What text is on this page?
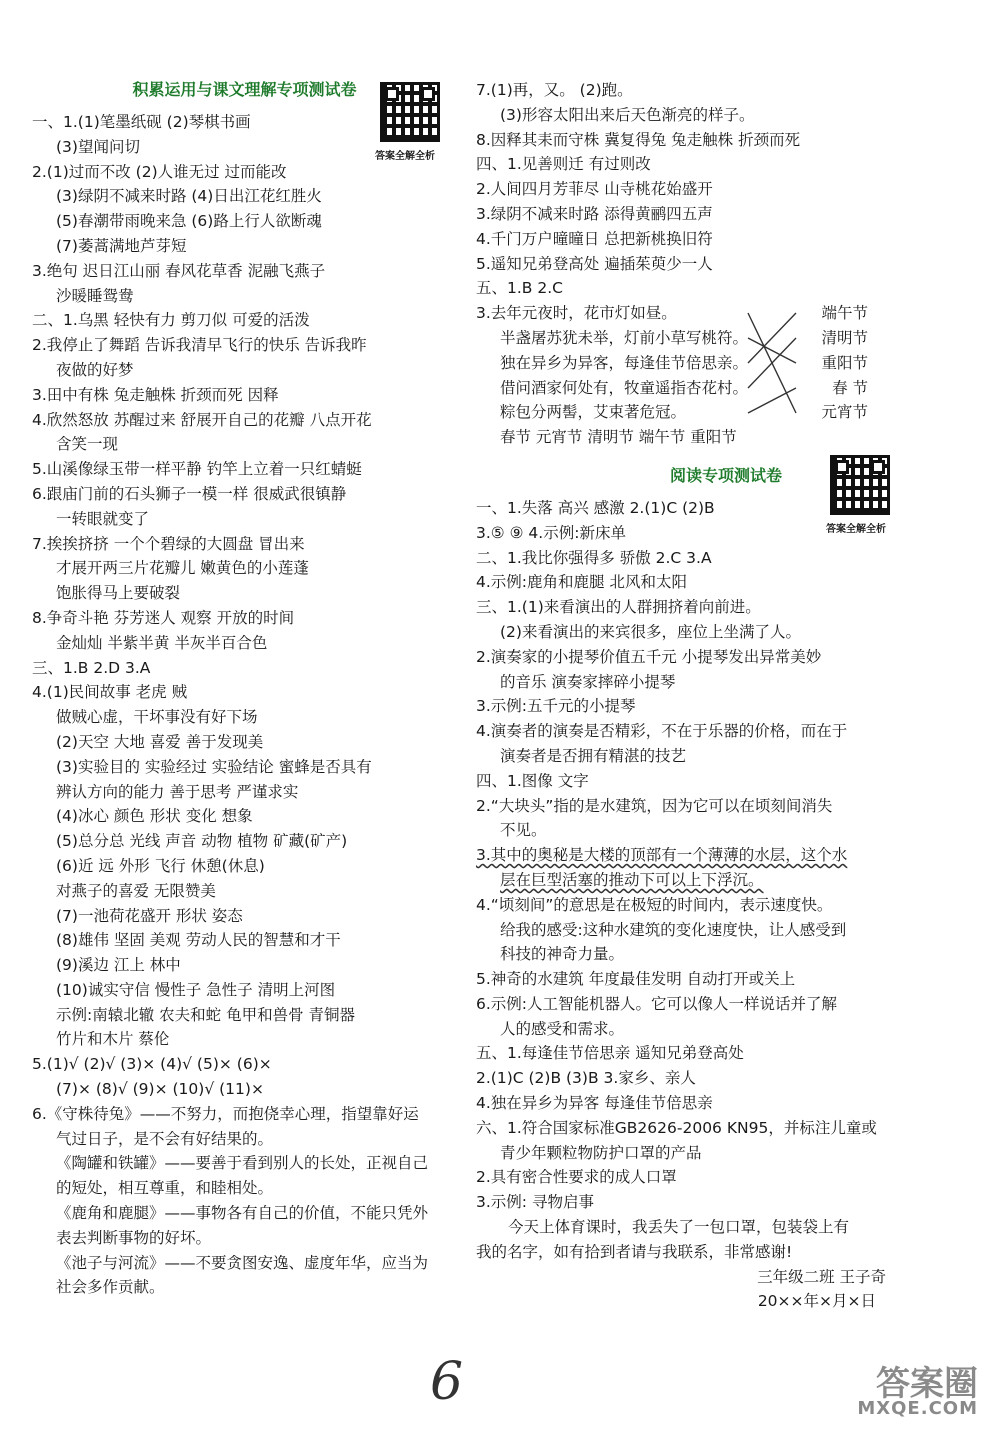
积累运用与课文理解专项测试卷
一、1.(1)笔墨纸砚 (2)琴棋书画
(3)望闻问切
2.(1)过而不改 (2)人谁无过 过而能改
(3)绿阴不减来时路 (4)日出江花红胜火
(5)春潮带雨晚来急 (6)路上行人欲断魂
(7)萎蒿满地芦芽短
3.绝句 迟日江山丽 春风花草香 泥融飞燕子
沙暖睡鸳鸯
二、1.乌黑 轻快有力 剪刀似 可爱的活泼
2.我停止了舞蹈 告诉我清早飞行的快乐 告诉我昨
夜做的好梦
3.田中有株 兔走触株 折颈而死 因释
4.欣然怒放 苏醒过来 舒展开自己的花瓣 八点开花
含笑一现
5.山溪像绿玉带一样平静 钓竿上立着一只红蜻蜓
6.跟庙门前的石头狮子一模一样 很威武很镇静
一转眼就变了
7.挨挨挤挤 一个个碧绿的大圆盘 冒出来
才展开两三片花瓣儿 嫩黄色的小莲蓬
饱胀得马上要破裂
8.争奇斗艳 芬芳迷人 观察 开放的时间
金灿灿 半紫半黄 半灰半百合色
三、1.B 2.D 3.A
4.(1)民间故事 老虎 贼
做贼心虚，干坏事没有好下场
(2)天空 大地 喜爱 善于发现美
(3)实验目的 实验经过 实验结论 蜜蜂是否具有
辨认方向的能力 善于思考 严谨求实
(4)冰心 颜色 形状 变化 想象
(5)总分总 光线 声音 动物 植物 矿藏(矿产)
(6)近 远 外形 飞行 休憩(休息)
对燕子的喜爱 无限赞美
(7)一池荷花盛开 形状 姿态
(8)雄伟 坚固 美观 劳动人民的智慧和才干
(9)溪边 江上 林中
(10)诚实守信 慢性子 急性子 清明上河图
示例:南辕北辙 农夫和蛇 龟甲和兽骨 青铜器
竹片和木片 蔡伦
5.(1)√ (2)√ (3)× (4)√ (5)× (6)×
(7)× (8)√ (9)× (10)√ (11)×
6.《守株待兔》——不努力，而抱侥幸心理，指望靠好运
气过日子，是不会有好结果的。
《陶罐和铁罐》——要善于看到别人的长处，正视自己
的短处，相互尊重，和睦相处。
《鹿角和鹿腿》——事物各有自己的价值，不能只凭外
表去判断事物的好坏。
《池子与河流》——不要贪图安逸、虚度年华，应当为
社会多作贡献。
答案全解全析
7.(1)再，又。 (2)跑。
(3)形容太阳出来后天色渐亮的样子。
8.因释其耒而守株 冀复得兔 兔走触株 折颈而死
四、1.见善则迁 有过则改
2.人间四月芳菲尽 山寺桃花始盛开
3.绿阴不减来时路 添得黄鹂四五声
4.千门万户曈曈日 总把新桃换旧符
5.遥知兄弟登高处 遍插茱萸少一人
五、1.B 2.C
3.去年元夜时，花市灯如昼。
半盏屠苏犹未举，灯前小草写桃符。
独在异乡为异客，每逢佳节倍思亲。
借问酒家何处有，牧童遥指杏花村。
粽包分两髻，艾束著危冠。
端午节
清明节
重阳节
春 节
元宵节
春节 元宵节 清明节 端午节 重阳节
阅读专项测试卷
一、1.失落 高兴 感激 2.(1)C (2)B
3.⑤ ⑨ 4.示例:新床单
二、1.我比你强得多 骄傲 2.C 3.A
4.示例:鹿角和鹿腿 北风和太阳
三、1.(1)来看演出的人群拥挤着向前进。
(2)来看演出的来宾很多，座位上坐满了人。
2.演奏家的小提琴价值五千元 小提琴发出异常美妙
的音乐 演奏家摔碎小提琴
3.示例:五千元的小提琴
4.演奏者的演奏是否精彩，不在于乐器的价格，而在于
演奏者是否拥有精湛的技艺
四、1.图像 文字
2.“大块头”指的是水建筑，因为它可以在顷刻间消失
不见。
3.其中的奥秘是大楼的顶部有一个薄薄的水层，这个水
层在巨型活塞的推动下可以上下浮沉。
4.“顷刻间”的意思是在极短的时间内，表示速度快。
给我的感受:这种水建筑的变化速度快，让人感受到
科技的神奇力量。
5.神奇的水建筑 年度最佳发明 自动打开或关上
6.示例:人工智能机器人。它可以像人一样说话并了解
人的感受和需求。
五、1.每逢佳节倍思亲 遥知兄弟登高处
2.(1)C (2)B (3)B 3.家乡、亲人
4.独在异乡为异客 每逢佳节倍思亲
六、1.符合国家标准GB2626-2006 KN95，并标注儿童或
青少年颗粒物防护口罩的产品
2.具有密合性要求的成人口罩
3.示例: 寻物启事
今天上体育课时，我丢失了一包口罩，包装袋上有
我的名字，如有拾到者请与我联系，非常感谢!
三年级二班 王子奇
20××年×月×日
答案全解全析
6	答案圈
MXQE.COM
